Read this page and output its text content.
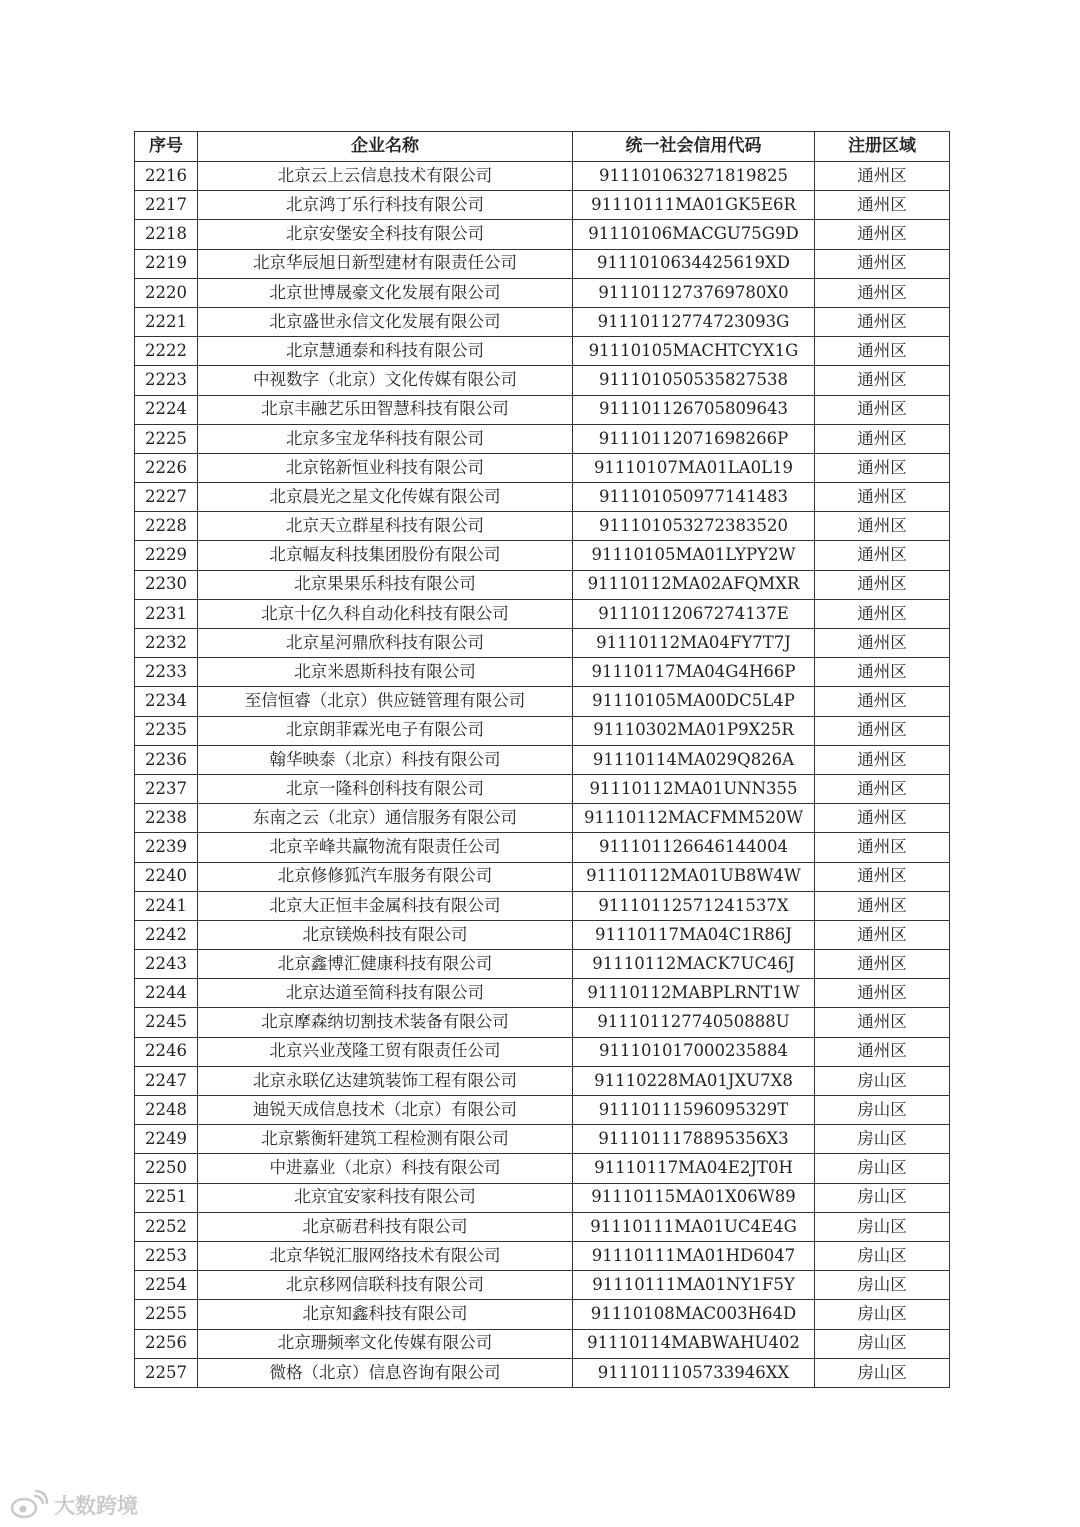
序号	企业名称	统一社会信用代码	注册区域
2216	北京云上云信息技术有限公司	911101063271819825	通州区
2217	北京鸿丁乐行科技有限公司	91110111MA01GK5E6R	通州区
2218	北京安堡安全科技有限公司	91110106MACGU75G9D	通州区
2219	北京华辰旭日新型建材有限责任公司	9111010634425619XD	通州区
2220	北京世博晟豪文化发展有限公司	9111011273769780X0	通州区
2221	北京盛世永信文化发展有限公司	91110112774723093G	通州区
2222	北京慧通泰和科技有限公司	91110105MACHTCYX1G	通州区
2223	中视数字（北京）文化传媒有限公司	911101050535827538	通州区
2224	北京丰融艺乐田智慧科技有限公司	911101126705809643	通州区
2225	北京多宝龙华科技有限公司	91110112071698266P	通州区
2226	北京铭新恒业科技有限公司	91110107MA01LA0L19	通州区
2227	北京晨光之星文化传媒有限公司	911101050977141483	通州区
2228	北京天立群星科技有限公司	911101053272383520	通州区
2229	北京幅友科技集团股份有限公司	91110105MA01LYPY2W	通州区
2230	北京果果乐科技有限公司	91110112MA02AFQMXR	通州区
2231	北京十亿久科自动化科技有限公司	91110112067274137E	通州区
2232	北京星河鼎欣科技有限公司	91110112MA04FY7T7J	通州区
2233	北京米恩斯科技有限公司	91110117MA04G4H66P	通州区
2234	至信恒睿（北京）供应链管理有限公司	91110105MA00DC5L4P	通州区
2235	北京朗菲霖光电子有限公司	91110302MA01P9X25R	通州区
2236	翰华映泰（北京）科技有限公司	91110114MA029Q826A	通州区
2237	北京一隆科创科技有限公司	91110112MA01UNN355	通州区
2238	东南之云（北京）通信服务有限公司	91110112MACFMM520W	通州区
2239	北京辛峰共赢物流有限责任公司	911101126646144004	通州区
2240	北京修修狐汽车服务有限公司	91110112MA01UB8W4W	通州区
2241	北京大正恒丰金属科技有限公司	91110112571241537X	通州区
2242	北京镁焕科技有限公司	91110117MA04C1R86J	通州区
2243	北京鑫博汇健康科技有限公司	91110112MACK7UC46J	通州区
2244	北京达道至简科技有限公司	91110112MABPLRNT1W	通州区
2245	北京摩森纳切割技术装备有限公司	91110112774050888U	通州区
2246	北京兴业茂隆工贸有限责任公司	911101017000235884	通州区
2247	北京永联亿达建筑装饰工程有限公司	91110228MA01JXU7X8	房山区
2248	迪锐天成信息技术（北京）有限公司	91110111596095329T	房山区
2249	北京紫衡轩建筑工程检测有限公司	9111011178895356X3	房山区
2250	中进嘉业（北京）科技有限公司	91110117MA04E2JT0H	房山区
2251	北京宜安家科技有限公司	91110115MA01X06W89	房山区
2252	北京砺君科技有限公司	91110111MA01UC4E4G	房山区
2253	北京华锐汇服网络技术有限公司	91110111MA01HD6047	房山区
2254	北京移网信联科技有限公司	91110111MA01NY1F5Y	房山区
2255	北京知鑫科技有限公司	91110108MAC003H64D	房山区
2256	北京珊频率文化传媒有限公司	91110114MABWAHU402	房山区
2257	微格（北京）信息咨询有限公司	9111011105733946XX	房山区
大数跨境
